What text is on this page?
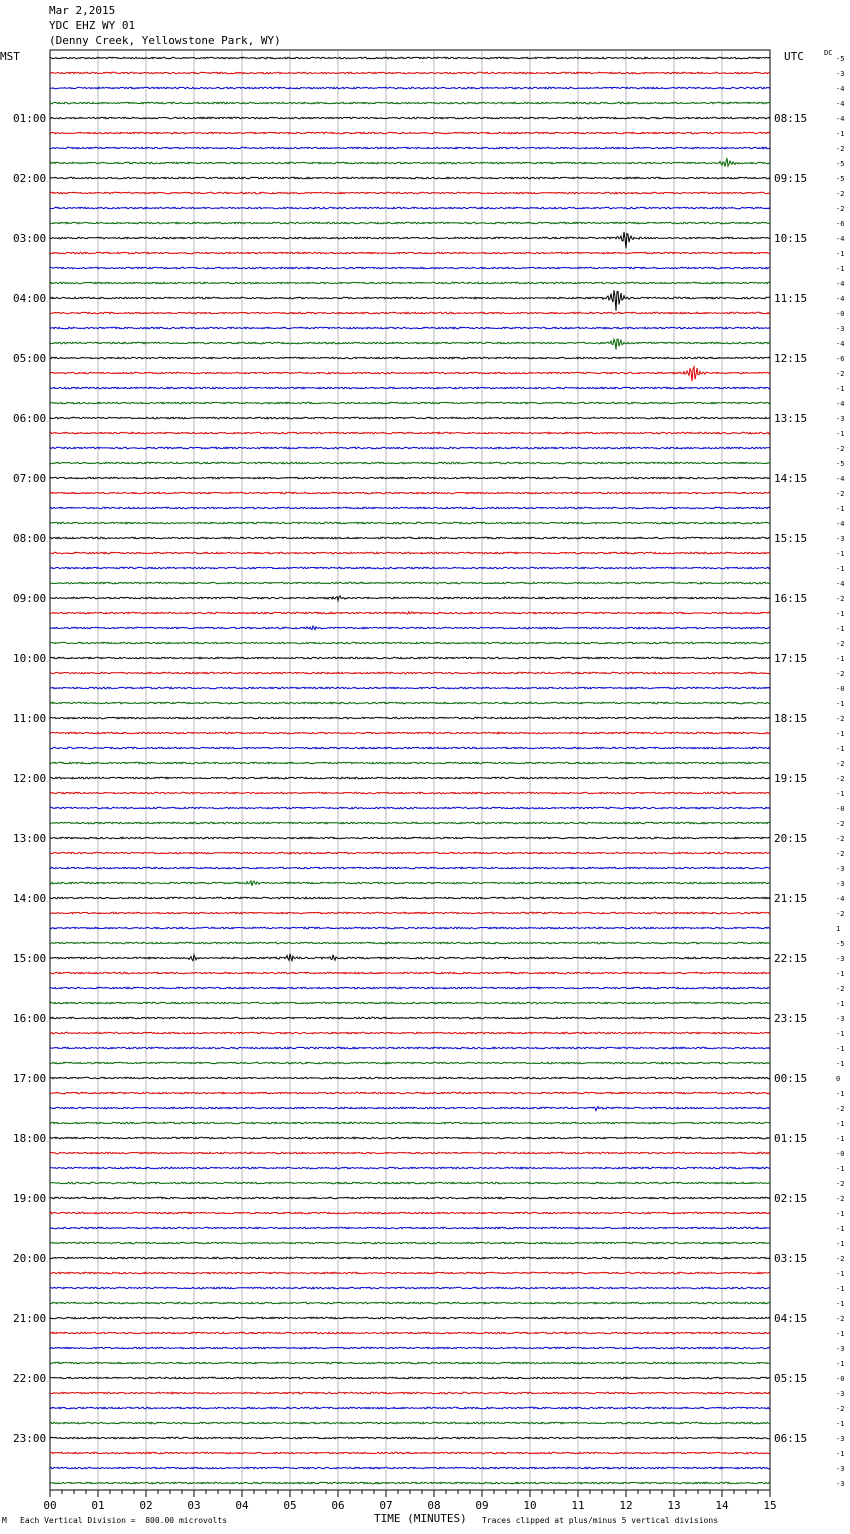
Mar 2,2015
YDC EHZ WY 01
(Denny Creek, Yellowstone Park, WY)
MST	UTC	DC
-5
-3
-4
-4
-4
-1
-2
-5
-5
-2
-2
-6
-4
-1
-1
-4
-4
-0
-3
-4
-6
-2
-1
-4
-3
-1
-2
-5
-4
-2
-1
-4
-3
-1
-1
-4
-2
-1
-1
-2
-1
-2
-0
-1
-2
-1
-1
-2
-2
-1
-0
-2
-2
-2
-3
-3
-4
-2
1
-5
-3
-1
-2
-1
-3
-1
-1
-1
0
-1
-2
-1
-1
-0
-1
-2
-2
-1
-1
-1
-2
-1
-1
-1
-2
-1
-3
-1
-0
-3
-2
-1
-3
-1
-3
-3
01:00	08:15
02:00	09:15
03:00	10:15
04:00	11:15
05:00	12:15
06:00	13:15
07:00	14:15
08:00	15:15
09:00	16:15
10:00	17:15
11:00	18:15
12:00	19:15
13:00	20:15
14:00	21:15
15:00	22:15
16:00	23:15
17:00	00:15
18:00	01:15
19:00	02:15
20:00	03:15
21:00	04:15
22:00	05:15
23:00	06:15
00	01	02	03	04	05	06	07	08	09	10	11	12	13	14	15
M Each Vertical Division =  800.00 microvolts	TIME (MINUTES) Traces clipped at plus/minus 5 vertical divisions
